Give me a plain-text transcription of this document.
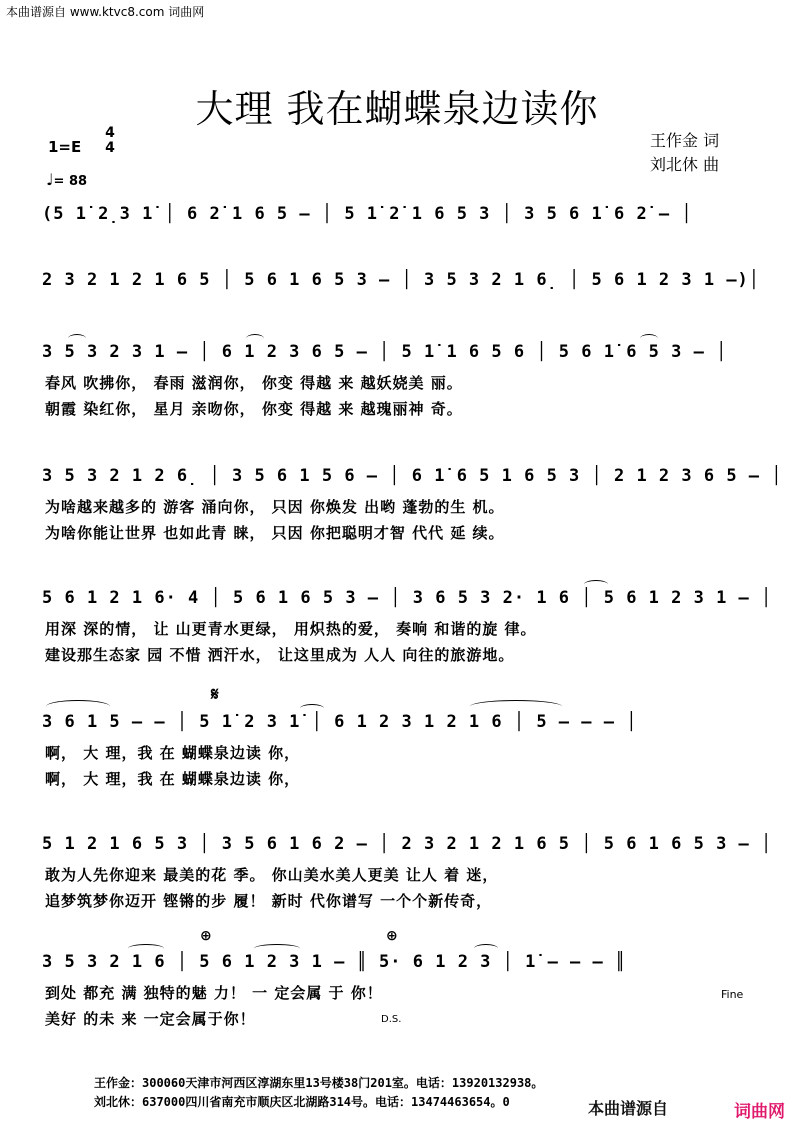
本曲谱源自 www.ktvc8.com 词曲网
大理 我在蝴蝶泉边读你
1=E
4
4
♩= 88
王作金 词
刘北休 曲
(5 1̇ 2̣3 1̇ │ 6 2̇ 1 6 5 – │ 5 1̇ 2̇ 1 6 5 3 │ 3 5 6 1̇ 6 2̇ – │
2 3 2 1 2 1 6 5 │ 5 6 1 6 5 3 – │ 3 5 3 2 1 6̣ │ 5 6 1 2 3 1 –)│
3 5 3 2 3 1 – │ 6 1 2 3 6 5 – │ 5 1̇ 1 6 5 6 │ 5 6 1̇ 6 5 3 – │
春风 吹拂你， 春雨 滋润你， 你变 得越 来 越妖娆美 丽。
朝霞 染红你， 星月 亲吻你， 你变 得越 来 越瑰丽神 奇。
3 5 3 2 1 2 6̣ │ 3 5 6 1 5 6 – │ 6 1̇ 6 5 1 6 5 3 │ 2 1 2 3 6 5 – │
为啥越来越多的 游客 涌向你， 只因 你焕发 出哟 蓬勃的生 机。
为啥你能让世界 也如此青 睐， 只因 你把聪明才智 代代 延 续。
5 6 1 2 1 6· 4 │ 5 6 1 6 5 3 – │ 3 6 5 3 2· 1 6 │ 5 6 1 2 3 1 – │
用深 深的情， 让 山更青水更绿， 用炽热的爱， 奏响 和谐的旋 律。
建设那生态家 园 不惜 洒汗水， 让这里成为 人人 向往的旅游地。
𝄋
3 6 1 5 – – │ 5 1̇ 2 3 1̇ │ 6 1 2 3 1 2 1 6 │ 5 – – – │
啊， 大 理，我 在 蝴蝶泉边读 你，
啊， 大 理，我 在 蝴蝶泉边读 你，
5 1 2 1 6 5 3 │ 3 5 6 1 6 2 – │ 2 3 2 1 2 1 6 5 │ 5 6 1 6 5 3 – │
敢为人先你迎来 最美的花 季。 你山美水美人更美 让人 着 迷，
追梦筑梦你迈开 铿锵的步 履！ 新时 代你谱写 一个个新传奇，
⊕	⊕
3 5 3 2 1 6 │ 5 6 1 2 3 1 – ║ 5· 6 1 2 3 │ 1̇ – – – ║
Fine
到处 都充 满 独特的魅 力！ 一 定会属 于 你！
美好 的未 来 一定会属于你！	D.S.
王作金：300060天津市河西区淳湖东里13号楼38门201室。电话：13920132938。
刘北休：637000四川省南充市顺庆区北湖路314号。电话：13474463654。0	本曲谱源自	词曲网
